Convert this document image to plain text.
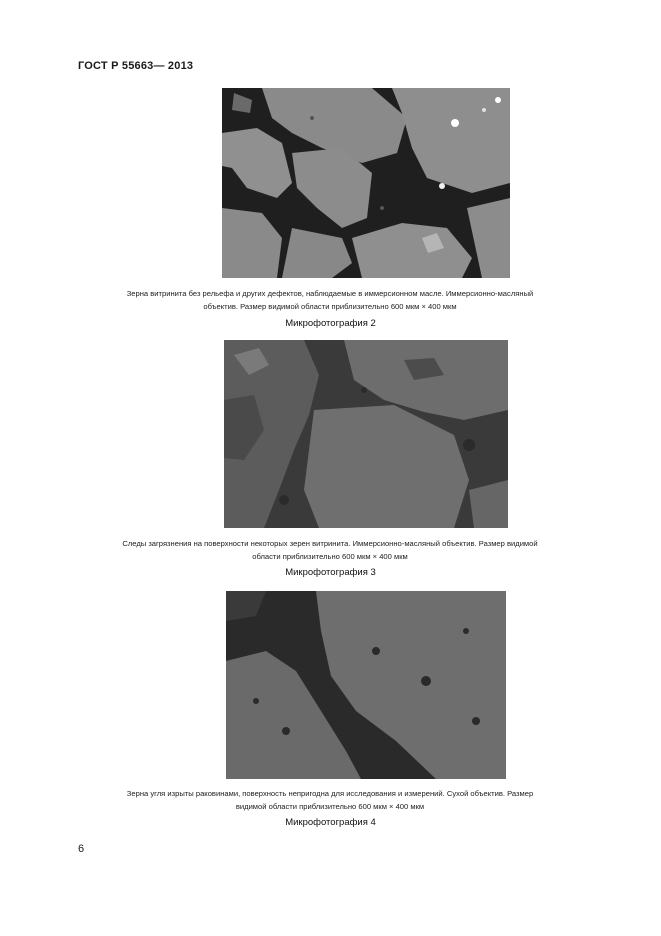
ГОСТ Р 55663— 2013
Зерна витринита без рельефа и других дефектов, наблюдаемые в иммерсионном масле. Иммерсионно-масляный
объектив. Размер видимой области приблизительно 600 мкм × 400 мкм
Микрофотография 2
Следы загрязнения на поверхности некоторых зерен витринита. Иммерсионно-масляный объектив. Размер видимой
области приблизительно 600 мкм × 400 мкм
Микрофотография 3
Зерна угля изрыты раковинами, поверхность непригодна для исследования и измерений. Сухой объектив. Размер
видимой области приблизительно 600 мкм × 400 мкм
Микрофотография 4
6
